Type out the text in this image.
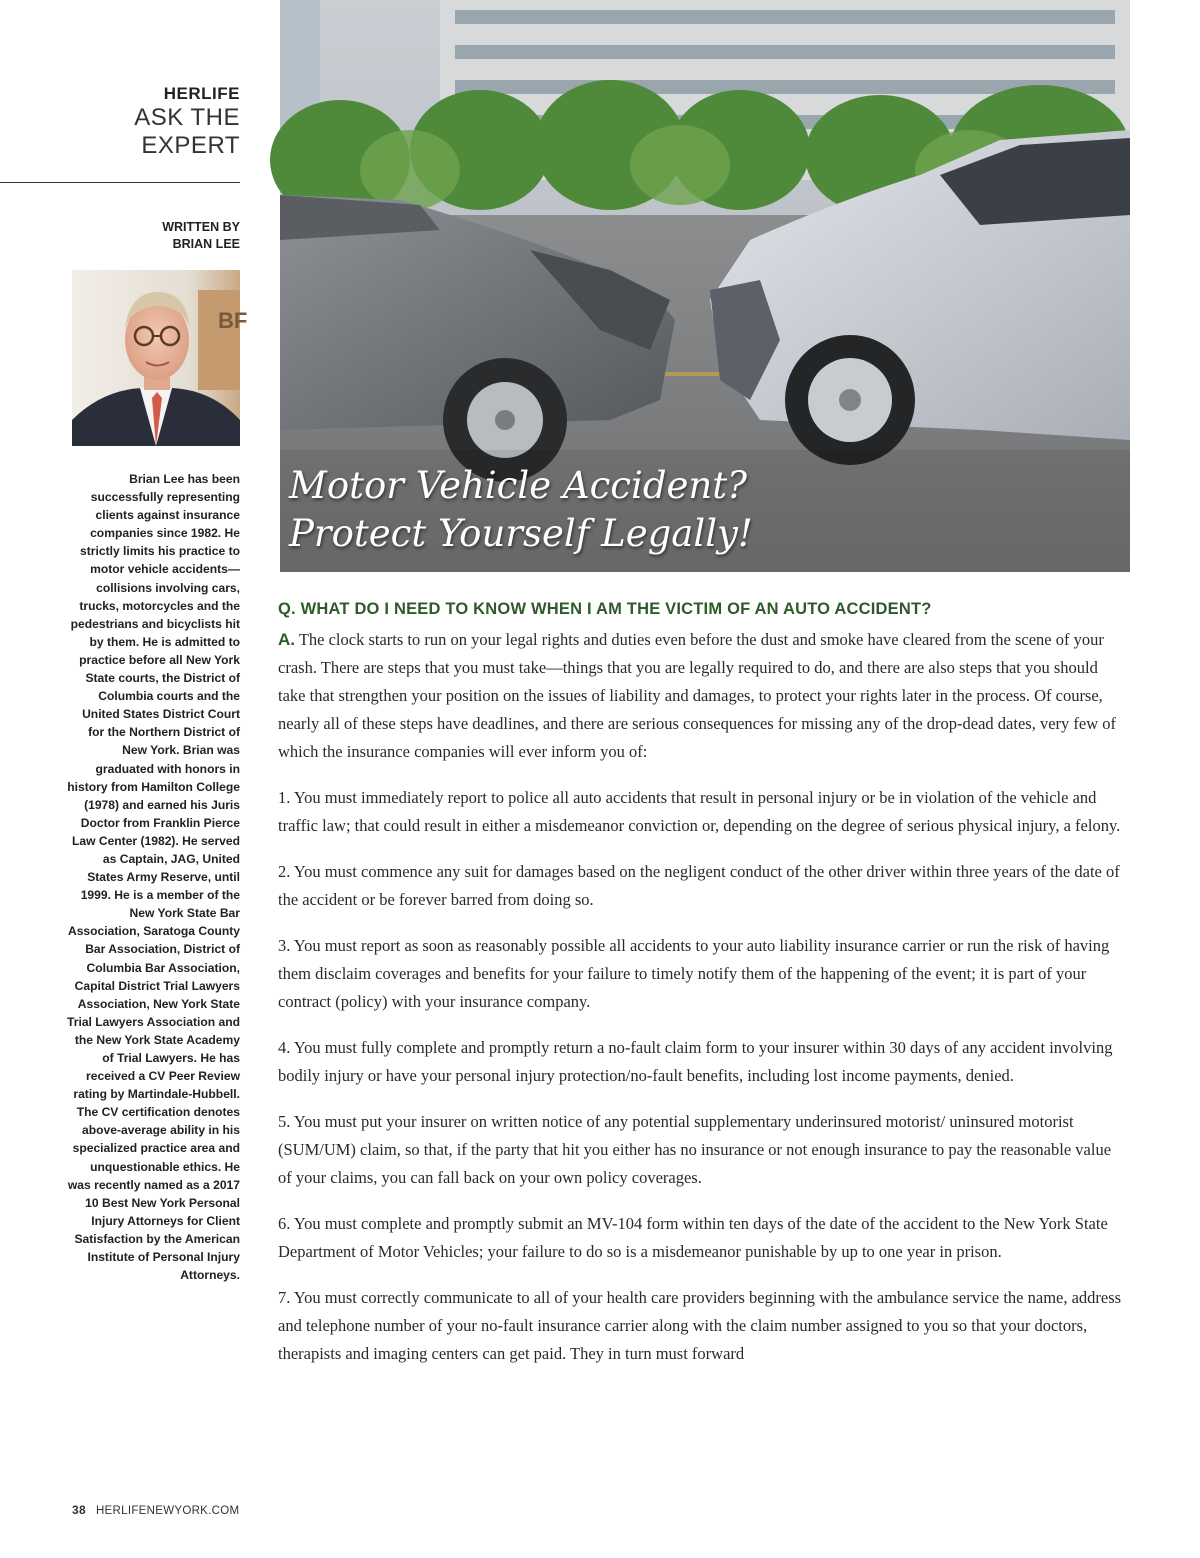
HERLIFE
ASK THE
EXPERT
WRITTEN BY
BRIAN LEE
BF

Brian Lee has been successfully representing clients against insurance companies since 1982. He strictly limits his practice to motor vehicle accidents—collisions involving cars, trucks, motorcycles and the pedestrians and bicyclists hit by them. He is admitted to practice before all New York State courts, the District of Columbia courts and the United States District Court for the Northern District of New York. Brian was graduated with honors in history from Hamilton College (1978) and earned his Juris Doctor from Franklin Pierce Law Center (1982). He served as Captain, JAG, United States Army Reserve, until 1999. He is a member of the New York State Bar Association, Saratoga County Bar Association, District of Columbia Bar Association, Capital District Trial Lawyers Association, New York State Trial Lawyers Association and the New York State Academy of Trial Lawyers. He has received a CV Peer Review rating by Martindale-Hubbell. The CV certification denotes above-average ability in his specialized practice area and unquestionable ethics. He was recently named as a 2017 10 Best New York Personal Injury Attorneys for Client Satisfaction by the American Institute of Personal Injury Attorneys.

38 HERLIFENEWYORK.COM
Motor Vehicle Accident?
Protect Yourself Legally!

Q. WHAT DO I NEED TO KNOW WHEN I AM THE VICTIM OF AN AUTO ACCIDENT?

A. The clock starts to run on your legal rights and duties even before the dust and smoke have cleared from the scene of your crash. There are steps that you must take—things that you are legally required to do, and there are also steps that you should take that strengthen your position on the issues of liability and damages, to protect your rights later in the process. Of course, nearly all of these steps have deadlines, and there are serious consequences for missing any of the drop-dead dates, very few of which the insurance companies will ever inform you of:

1. You must immediately report to police all auto accidents that result in personal injury or be in violation of the vehicle and traffic law; that could result in either a misdemeanor conviction or, depending on the degree of serious physical injury, a felony.

2. You must commence any suit for damages based on the negligent conduct of the other driver within three years of the date of the accident or be forever barred from doing so.

3. You must report as soon as reasonably possible all accidents to your auto liability insurance carrier or run the risk of having them disclaim coverages and benefits for your failure to timely notify them of the happening of the event; it is part of your contract (policy) with your insurance company.

4. You must fully complete and promptly return a no-fault claim form to your insurer within 30 days of any accident involving bodily injury or have your personal injury protection/no-fault benefits, including lost income payments, denied.

5. You must put your insurer on written notice of any potential supplementary underinsured motorist/ uninsured motorist (SUM/UM) claim, so that, if the party that hit you either has no insurance or not enough insurance to pay the reasonable value of your claims, you can fall back on your own policy coverages.

6. You must complete and promptly submit an MV-104 form within ten days of the date of the accident to the New York State Department of Motor Vehicles; your failure to do so is a misdemeanor punishable by up to one year in prison.

7. You must correctly communicate to all of your health care providers beginning with the ambulance service the name, address and telephone number of your no-fault insurance carrier along with the claim number assigned to you so that your doctors, therapists and imaging centers can get paid. They in turn must forward
